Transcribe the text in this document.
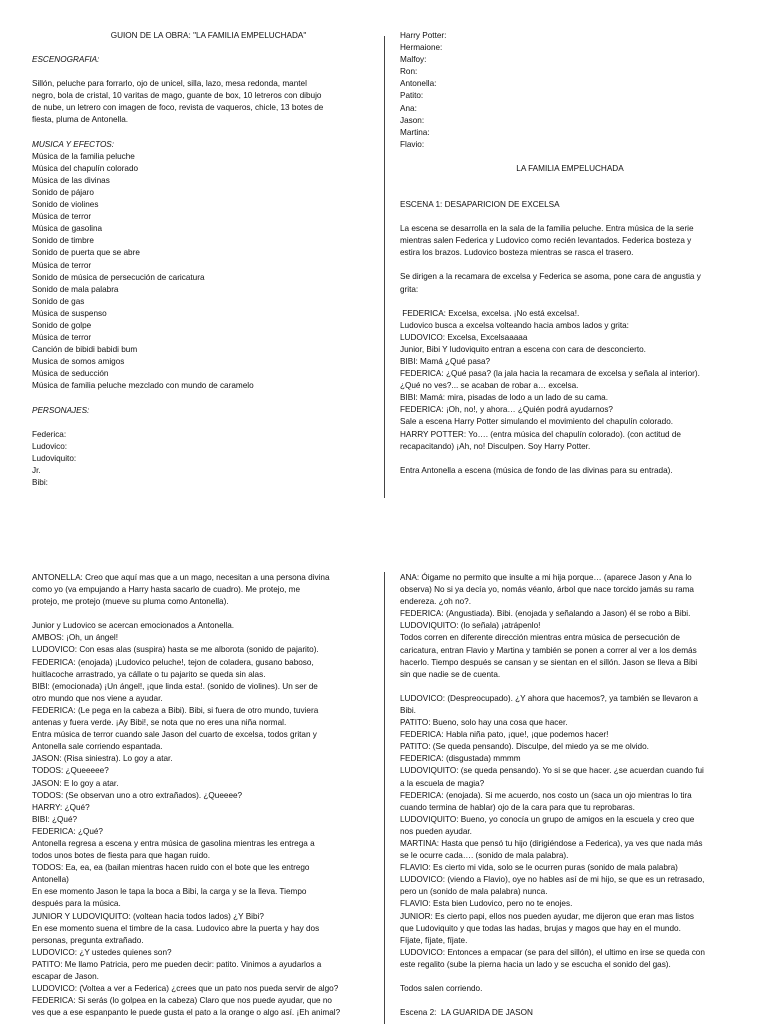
GUION DE LA OBRA: "LA FAMILIA EMPELUCHADA"
ESCENOGRAFIA:
Sillón, peluche para forrarlo, ojo de unicel, silla, lazo, mesa redonda, mantel
negro, bola de cristal, 10 varitas de mago, guante de box, 10 letreros con dibujo
de nube, un letrero con imagen de foco, revista de vaqueros, chicle, 13 botes de
fiesta, pluma de Antonella.
MUSICA Y EFECTOS:
Música de la familia peluche
Música del chapulín colorado
Música de las divinas
Sonido de pájaro
Sonido de violines
Música de terror
Música de gasolina
Sonido de timbre
Sonido de puerta que se abre
Música de terror
Sonido de música de persecución de caricatura
Sonido de mala palabra
Sonido de gas
Música de suspenso
Sonido de golpe
Música de terror
Canción de bibidi babidi bum
Musica de somos amigos
Música de seducción
Música de familia peluche mezclado con mundo de caramelo
PERSONAJES:
Federica:
Ludovico:
Ludoviquito:
Jr.
Bibi:
Harry Potter:
Hermaione:
Malfoy:
Ron:
Antonella:
Patito:
Ana:
Jason:
Martina:
Flavio:
LA FAMILIA EMPELUCHADA
ESCENA 1: DESAPARICION DE EXCELSA
La escena se desarrolla en la sala de la familia peluche. Entra música de la serie
mientras salen Federica y Ludovico como recién levantados. Federica bosteza y
estira los brazos. Ludovico bosteza mientras se rasca el trasero.
Se dirigen a la recamara de excelsa y Federica se asoma, pone cara de angustia y
grita:
FEDERICA: Excelsa, excelsa. ¡No está excelsa!.
Ludovico busca a excelsa volteando hacia ambos lados y grita:
LUDOVICO: Excelsa, Excelsaaaaa
Junior, Bibi Y ludoviquito entran a escena con cara de desconcierto.
BIBI: Mamá ¿Qué pasa?
FEDERICA: ¿Qué pasa? (la jala hacia la recamara de excelsa y señala al interior).
¿Qué no ves?... se acaban de robar a… excelsa.
BIBI: Mamá: mira, pisadas de lodo a un lado de su cama.
FEDERICA: ¡Oh, no!, y ahora… ¿Quién podrá ayudarnos?
Sale a escena Harry Potter simulando el movimiento del chapulín colorado.
HARRY POTTER: Yo…. (entra música del chapulín colorado). (con actitud de
recapacitando) ¡Ah, no! Disculpen. Soy Harry Potter.
Entra Antonella a escena (música de fondo de las divinas para su entrada).
ANTONELLA: Creo que aquí mas que a un mago, necesitan a una persona divina
como yo (va empujando a Harry hasta sacarlo de cuadro). Me protejo, me
protejo, me protejo (mueve su pluma como Antonella).
Junior y Ludovico se acercan emocionados a Antonella.
AMBOS: ¡Oh, un ángel!
LUDOVICO: Con esas alas (suspira) hasta se me alborota (sonido de pajarito).
FEDERICA: (enojada) ¡Ludovico peluche!, tejon de coladera, gusano baboso,
huitlacoche arrastrado, ya cállate o tu pajarito se queda sin alas.
BIBI: (emocionada) ¡Un ángel!, ¡que linda esta!. (sonido de violines). Un ser de
otro mundo que nos viene a ayudar.
FEDERICA: (Le pega en la cabeza a Bibi). Bibi, si fuera de otro mundo, tuviera
antenas y fuera verde. ¡Ay Bibi!, se nota que no eres una niña normal.
Entra música de terror cuando sale Jason del cuarto de excelsa, todos gritan y
Antonella sale corriendo espantada.
JASON: (Risa siniestra). Lo goy a atar.
TODOS: ¿Queeeee?
JASON: E lo goy a atar.
TODOS: (Se observan uno a otro extrañados). ¿Queeee?
HARRY: ¿Qué?
BIBI: ¿Qué?
FEDERICA: ¿Qué?
Antonella regresa a escena y entra música de gasolina mientras les entrega a
todos unos botes de fiesta para que hagan ruido.
TODOS: Ea, ea, ea (bailan mientras hacen ruido con el bote que les entrego
Antonella)
En ese momento Jason le tapa la boca a Bibi, la carga y se la lleva. Tiempo
después para la música.
JUNIOR Y LUDOVIQUITO: (voltean hacia todos lados) ¿Y Bibi?
En ese momento suena el timbre de la casa. Ludovico abre la puerta y hay dos
personas, pregunta extrañado.
LUDOVICO: ¿Y ustedes quienes son?
PATITO: Me llamo Patricia, pero me pueden decir: patito. Vinimos a ayudarlos a
escapar de Jason.
LUDOVICO: (Voltea a ver a Federica) ¿crees que un pato nos pueda servir de algo?
FEDERICA: Si serás (lo golpea en la cabeza) Claro que nos puede ayudar, que no
ves que a ese espanpanto le puede gusta el pato a la orange o algo así. ¡Eh animal?
ANA: Óigame no permito que insulte a mi hija porque… (aparece Jason y Ana lo
observa) No si ya decía yo, nomás véanlo, árbol que nace torcido jamás su rama
endereza. ¿oh no?.
FEDERICA: (Angustiada). Bibi. (enojada y señalando a Jason) él se robo a Bibi.
LUDOVIQUITO: (lo señala) ¡atrápenlo!
Todos corren en diferente dirección mientras entra música de persecución de
caricatura, entran Flavio y Martina y también se ponen a correr al ver a los demás
hacerlo. Tiempo después se cansan y se sientan en el sillón. Jason se lleva a Bibi
sin que nadie se de cuenta.
LUDOVICO: (Despreocupado). ¿Y ahora que hacemos?, ya también se llevaron a
Bibi.
PATITO: Bueno, solo hay una cosa que hacer.
FEDERICA: Habla niña pato, ¡que!, ¡que podemos hacer!
PATITO: (Se queda pensando). Disculpe, del miedo ya se me olvido.
FEDERICA: (disgustada) mmmm
LUDOVIQUITO: (se queda pensando). Yo si se que hacer. ¿se acuerdan cuando fui
a la escuela de magia?
FEDERICA: (enojada). Si me acuerdo, nos costo un (saca un ojo mientras lo tira
cuando termina de hablar) ojo de la cara para que tu reprobaras.
LUDOVIQUITO: Bueno, yo conocía un grupo de amigos en la escuela y creo que
nos pueden ayudar.
MARTINA: Hasta que pensó tu hijo (dirigiéndose a Federica), ya ves que nada más
se le ocurre cada…. (sonido de mala palabra).
FLAVIO: Es cierto mi vida, solo se le ocurren puras (sonido de mala palabra)
LUDOVICO: (viendo a Flavio), oye no hables así de mi hijo, se que es un retrasado,
pero un (sonido de mala palabra) nunca.
FLAVIO: Esta bien Ludovico, pero no te enojes.
JUNIOR: Es cierto papi, ellos nos pueden ayudar, me dijeron que eran mas listos
que Ludoviquito y que todas las hadas, brujas y magos que hay en el mundo.
Fíjate, fíjate, fíjate.
LUDOVICO: Entonces a empacar (se para del sillón), el ultimo en irse se queda con
este regalito (sube la pierna hacia un lado y se escucha el sonido del gas).
Todos salen corriendo.
Escena 2:  LA GUARIDA DE JASON
